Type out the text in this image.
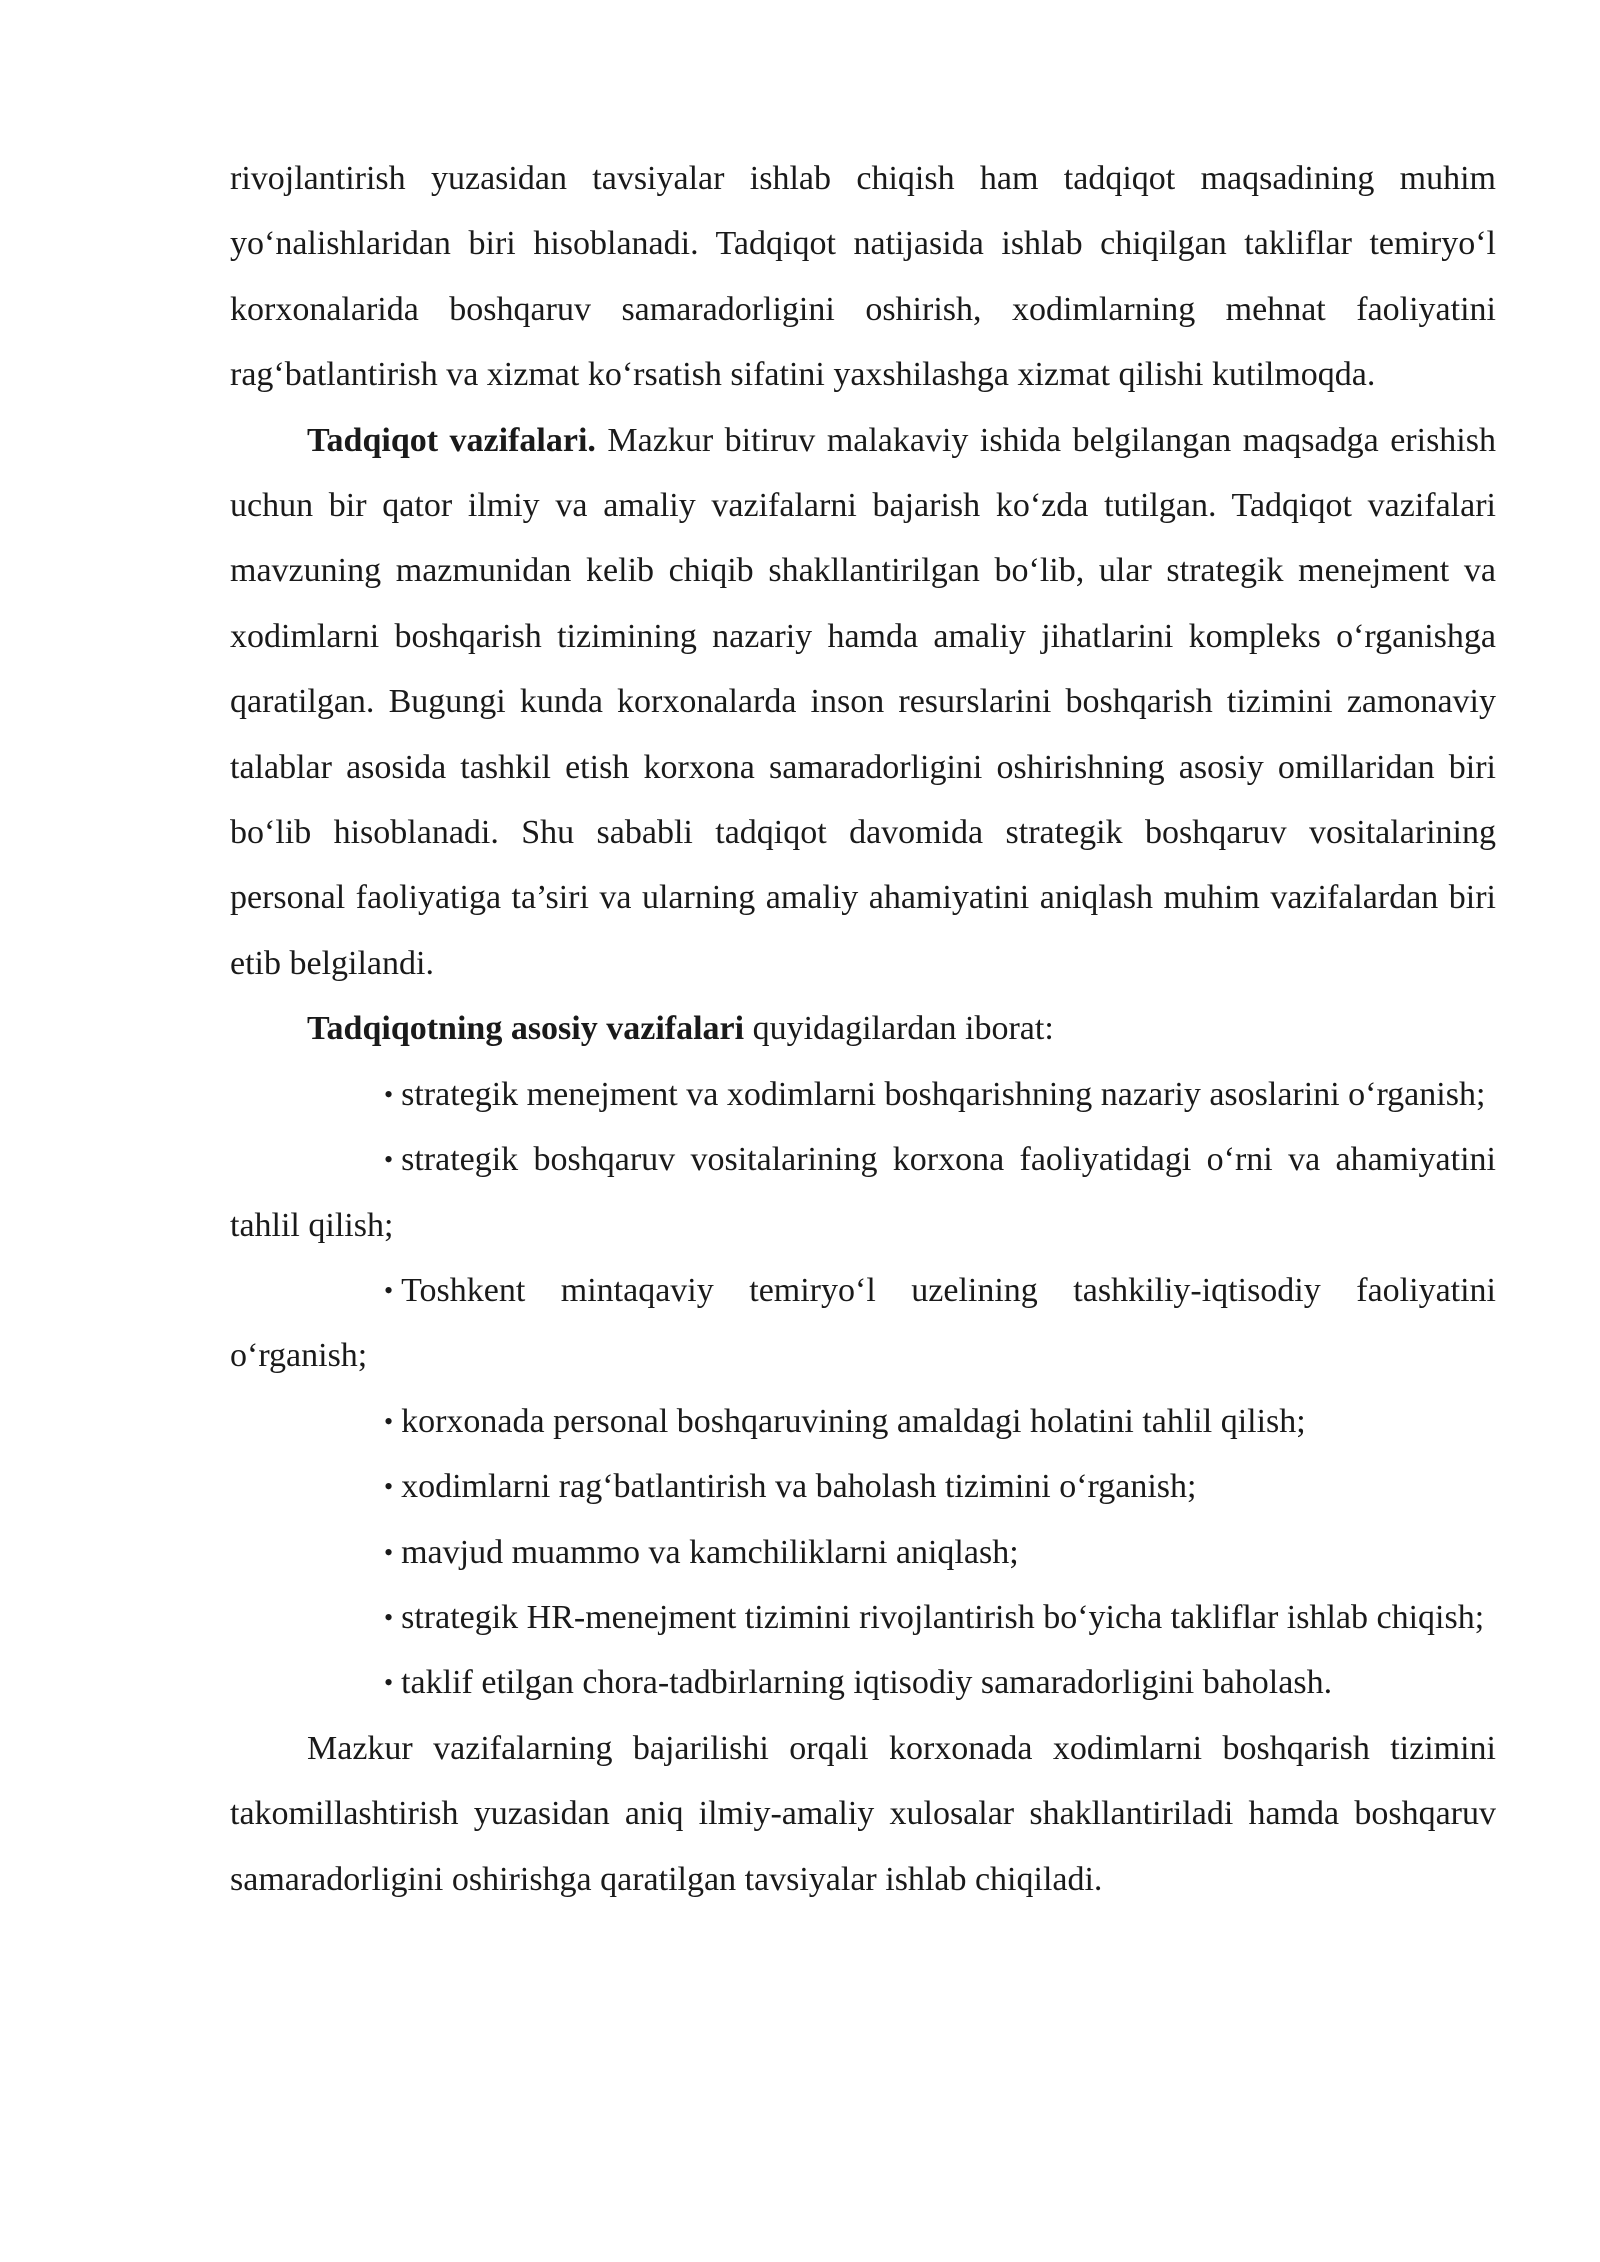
rivojlantirish yuzasidan tavsiyalar ishlab chiqish ham tadqiqot maqsadining muhim yo‘nalishlaridan biri hisoblanadi. Tadqiqot natijasida ishlab chiqilgan takliflar temiryo‘l korxonalarida boshqaruv samaradorligini oshirish, xodimlarning mehnat faoliyatini rag‘batlantirish va xizmat ko‘rsatish sifatini yaxshilashga xizmat qilishi kutilmoqda.

Tadqiqot vazifalari. Mazkur bitiruv malakaviy ishida belgilangan maqsadga erishish uchun bir qator ilmiy va amaliy vazifalarni bajarish ko‘zda tutilgan. Tadqiqot vazifalari mavzuning mazmunidan kelib chiqib shakllantirilgan bo‘lib, ular strategik menejment va xodimlarni boshqarish tizimining nazariy hamda amaliy jihatlarini kompleks o‘rganishga qaratilgan. Bugungi kunda korxonalarda inson resurslarini boshqarish tizimini zamonaviy talablar asosida tashkil etish korxona samaradorligini oshirishning asosiy omillaridan biri bo‘lib hisoblanadi. Shu sababli tadqiqot davomida strategik boshqaruv vositalarining personal faoliyatiga ta’siri va ularning amaliy ahamiyatini aniqlash muhim vazifalardan biri etib belgilandi.

Tadqiqotning asosiy vazifalari quyidagilardan iborat:

• strategik menejment va xodimlarni boshqarishning nazariy asoslarini o‘rganish;

• strategik boshqaruv vositalarining korxona faoliyatidagi o‘rni va ahamiyatini tahlil qilish;

• Toshkent mintaqaviy temiryo‘l uzelining tashkiliy-iqtisodiy faoliyatini o‘rganish;

• korxonada personal boshqaruvining amaldagi holatini tahlil qilish;

• xodimlarni rag‘batlantirish va baholash tizimini o‘rganish;

• mavjud muammo va kamchiliklarni aniqlash;

• strategik HR-menejment tizimini rivojlantirish bo‘yicha takliflar ishlab chiqish;

• taklif etilgan chora-tadbirlarning iqtisodiy samaradorligini baholash.

Mazkur vazifalarning bajarilishi orqali korxonada xodimlarni boshqarish tizimini takomillashtirish yuzasidan aniq ilmiy-amaliy xulosalar shakllantiriladi hamda boshqaruv samaradorligini oshirishga qaratilgan tavsiyalar ishlab chiqiladi.
